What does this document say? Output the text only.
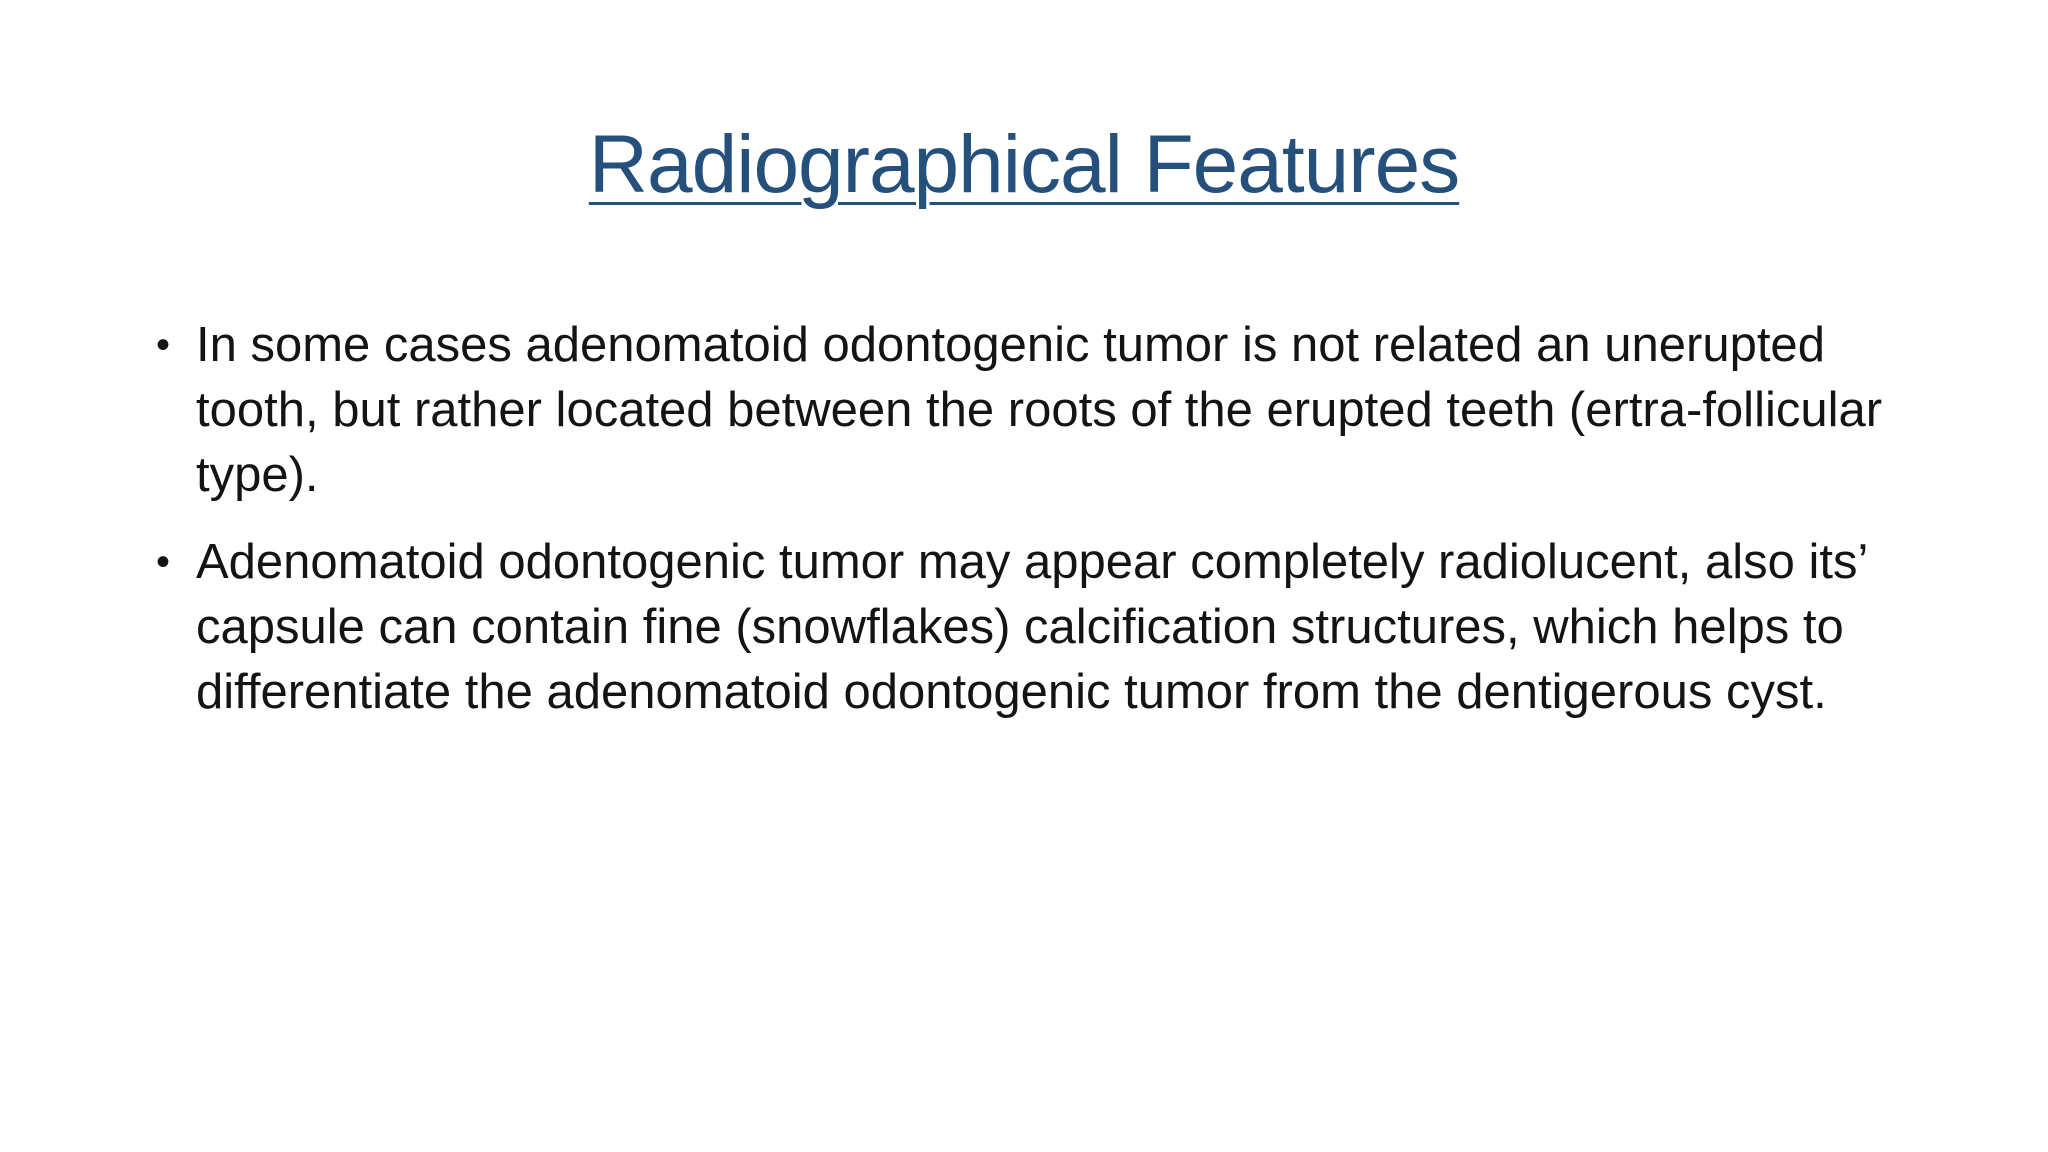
Radiographical Features
• In some cases adenomatoid odontogenic tumor is not related an unerupted tooth, but rather located between the roots of the erupted teeth (ertra-follicular type).
• Adenomatoid odontogenic tumor may appear completely radiolucent, also its’ capsule can contain fine (snowflakes) calcification structures, which helps to differentiate the adenomatoid odontogenic tumor from the dentigerous cyst.
